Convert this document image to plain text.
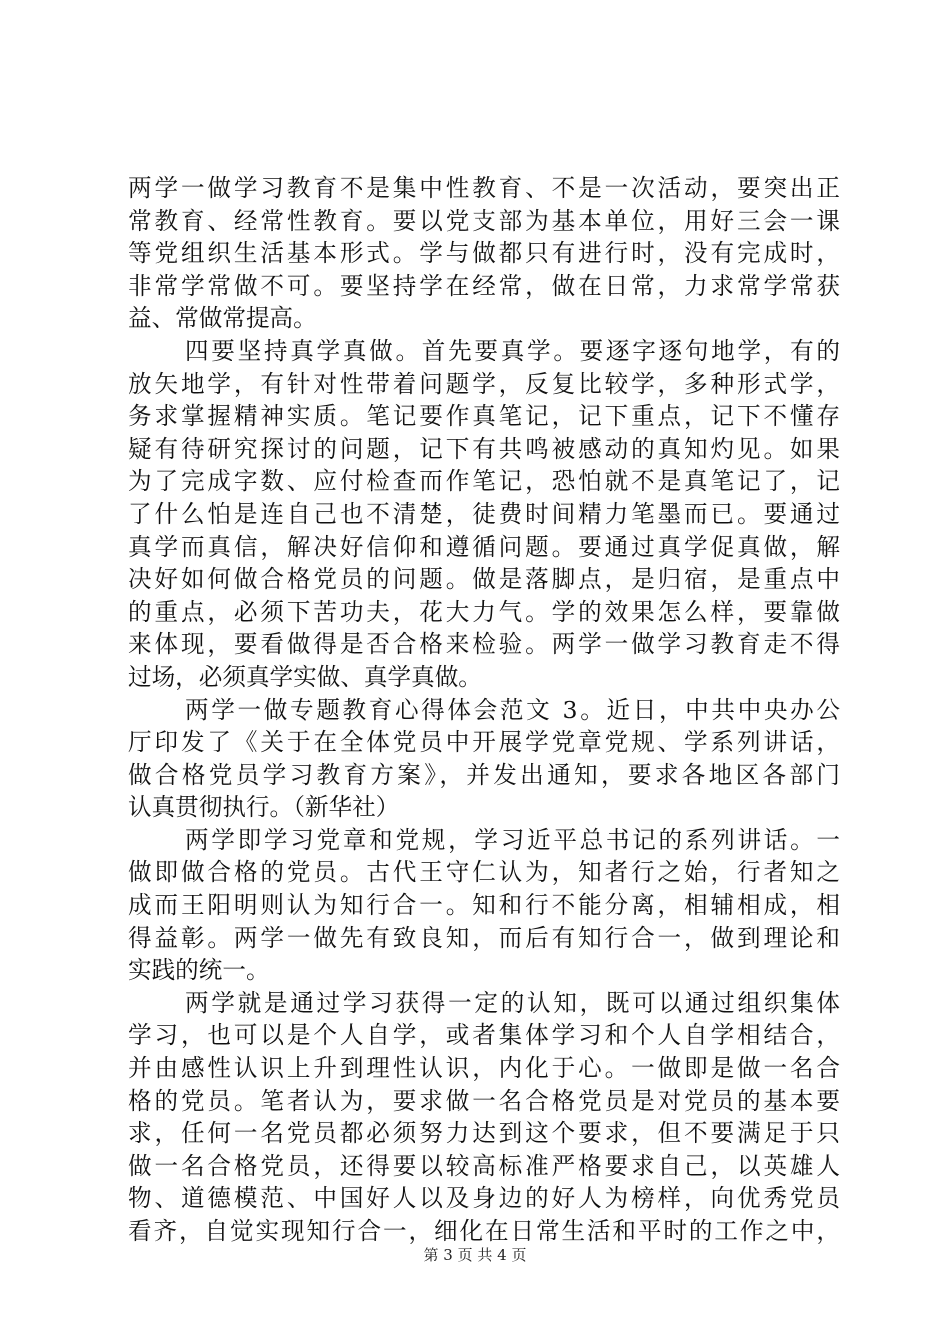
两学一做学习教育不是集中性教育、不是一次活动，要突出正
常教育、经常性教育。要以党支部为基本单位，用好三会一课
等党组织生活基本形式。学与做都只有进行时，没有完成时，
非常学常做不可。要坚持学在经常，做在日常，力求常学常获
益、常做常提高。
四要坚持真学真做。首先要真学。要逐字逐句地学，有的
放矢地学，有针对性带着问题学，反复比较学，多种形式学，
务求掌握精神实质。笔记要作真笔记，记下重点，记下不懂存
疑有待研究探讨的问题，记下有共鸣被感动的真知灼见。如果
为了完成字数、应付检查而作笔记，恐怕就不是真笔记了，记
了什么怕是连自己也不清楚，徒费时间精力笔墨而已。要通过
真学而真信，解决好信仰和遵循问题。要通过真学促真做，解
决好如何做合格党员的问题。做是落脚点，是归宿，是重点中
的重点，必须下苦功夫，花大力气。学的效果怎么样，要靠做
来体现，要看做得是否合格来检验。两学一做学习教育走不得
过场，必须真学实做、真学真做。
两学一做专题教育心得体会范文 3。近日，中共中央办公
厅印发了《关于在全体党员中开展学党章党规、学系列讲话，
做合格党员学习教育方案》，并发出通知，要求各地区各部门
认真贯彻执行。（新华社）
两学即学习党章和党规，学习近平总书记的系列讲话。一
做即做合格的党员。古代王守仁认为，知者行之始，行者知之
成而王阳明则认为知行合一。知和行不能分离，相辅相成，相
得益彰。两学一做先有致良知，而后有知行合一，做到理论和
实践的统一。
两学就是通过学习获得一定的认知，既可以通过组织集体
学习，也可以是个人自学，或者集体学习和个人自学相结合，
并由感性认识上升到理性认识，内化于心。一做即是做一名合
格的党员。笔者认为，要求做一名合格党员是对党员的基本要
求，任何一名党员都必须努力达到这个要求，但不要满足于只
做一名合格党员，还得要以较高标准严格要求自己，以英雄人
物、道德模范、中国好人以及身边的好人为榜样，向优秀党员
看齐，自觉实现知行合一，细化在日常生活和平时的工作之中，
第 3 页 共 4 页
